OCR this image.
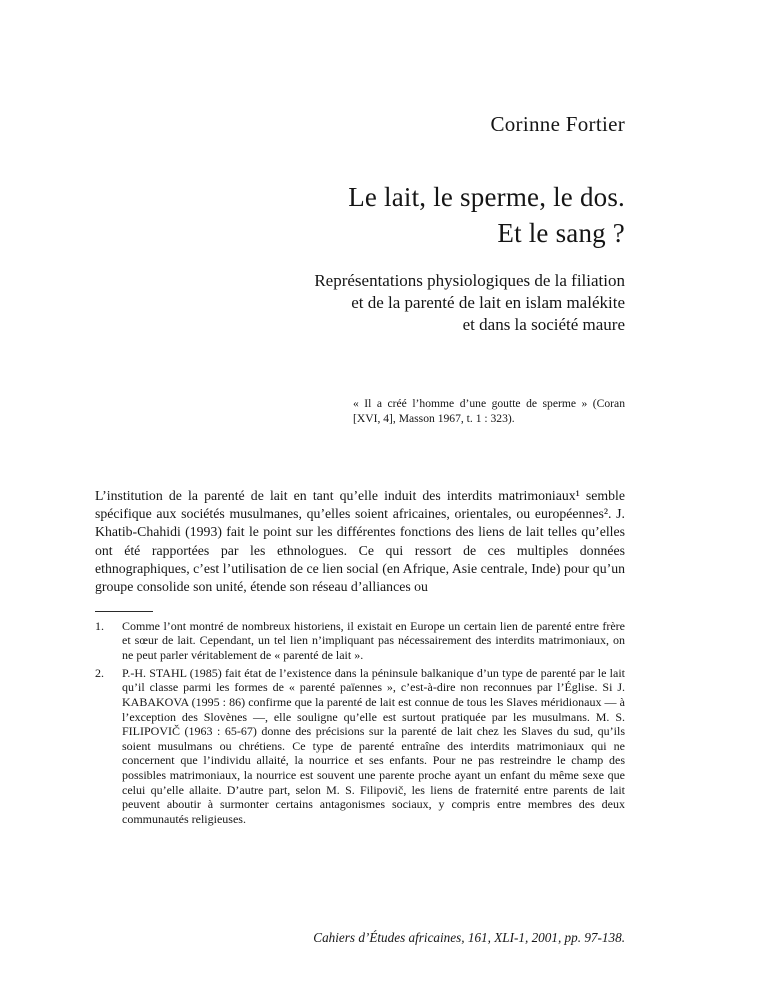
Corinne Fortier
Le lait, le sperme, le dos.
Et le sang ?
Représentations physiologiques de la filiation
et de la parenté de lait en islam malékite
et dans la société maure
« Il a créé l’homme d’une goutte de sperme » (Coran [XVI, 4], Masson 1967, t. 1 : 323).
L’institution de la parenté de lait en tant qu’elle induit des interdits matrimoniaux¹ semble spécifique aux sociétés musulmanes, qu’elles soient africaines, orientales, ou européennes². J. Khatib-Chahidi (1993) fait le point sur les différentes fonctions des liens de lait telles qu’elles ont été rapportées par les ethnologues. Ce qui ressort de ces multiples données ethnographiques, c’est l’utilisation de ce lien social (en Afrique, Asie centrale, Inde) pour qu’un groupe consolide son unité, étende son réseau d’alliances ou
1.	Comme l’ont montré de nombreux historiens, il existait en Europe un certain lien de parenté entre frère et sœur de lait. Cependant, un tel lien n’impliquant pas nécessairement des interdits matrimoniaux, on ne peut parler véritablement de « parenté de lait ».
2.	P.-H. STAHL (1985) fait état de l’existence dans la péninsule balkanique d’un type de parenté par le lait qu’il classe parmi les formes de « parenté païennes », c’est-à-dire non reconnues par l’Église. Si J. KABAKOVA (1995 : 86) confirme que la parenté de lait est connue de tous les Slaves méridionaux — à l’exception des Slovènes —, elle souligne qu’elle est surtout pratiquée par les musulmans. M. S. FILIPOVIČ (1963 : 65-67) donne des précisions sur la parenté de lait chez les Slaves du sud, qu’ils soient musulmans ou chrétiens. Ce type de parenté entraîne des interdits matrimoniaux qui ne concernent que l’individu allaité, la nourrice et ses enfants. Pour ne pas restreindre le champ des possibles matrimoniaux, la nourrice est souvent une parente proche ayant un enfant du même sexe que celui qu’elle allaite. D’autre part, selon M. S. Filipovič, les liens de fraternité entre parents de lait peuvent aboutir à surmonter certains antagonismes sociaux, y compris entre membres des deux communautés religieuses.
Cahiers d’Études africaines, 161, XLI-1, 2001, pp. 97-138.
